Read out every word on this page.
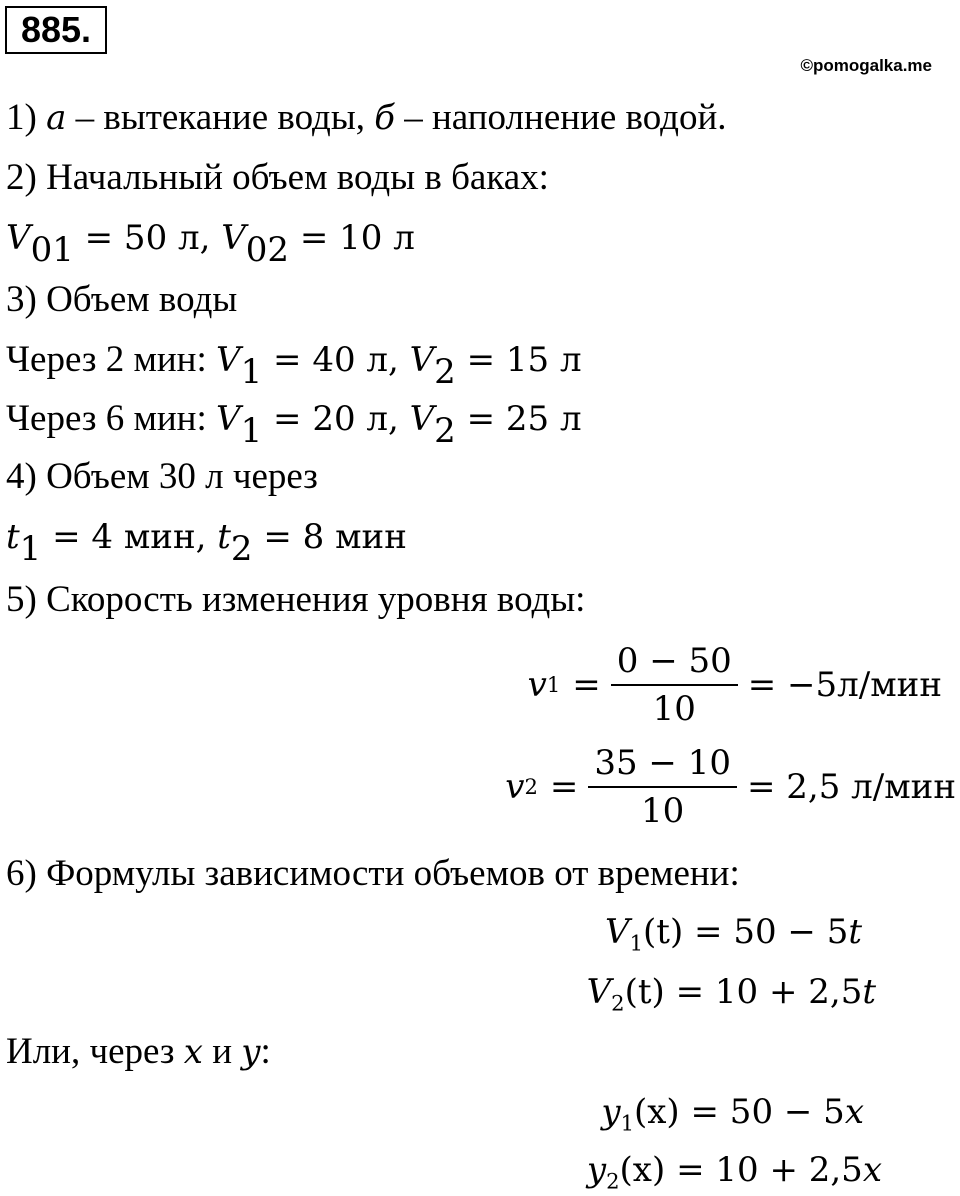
885.
©pomogalka.me
1) a – вытекание воды, б – наполнение водой.
2) Начальный объем воды в баках:
$V_{01} = 50$ л, $V_{02} = 10$ л
3) Объем воды
Через 2 мин: $V_1 = 40$ л, $V_2 = 15$ л
Через 6 мин: $V_1 = 20$ л, $V_2 = 25$ л
4) Объем 30 л через
$t_1 = 4$ мин, $t_2 = 8$ мин
5) Скорость изменения уровня воды:
v $1 = \frac{0 - 50}{10} = -5л/мин$
v $2 = \frac{35 - 10}{10} = 2,5$ л/мин
6) Формулы зависимости объемов от времени:
$V_1(t) = 50 - 5t$
$V_2(t) = 10 + 2,5t$
Или, через x и y:
$y_1(x) = 50 - 5x$
$y_2(x) = 10 + 2,5x$
